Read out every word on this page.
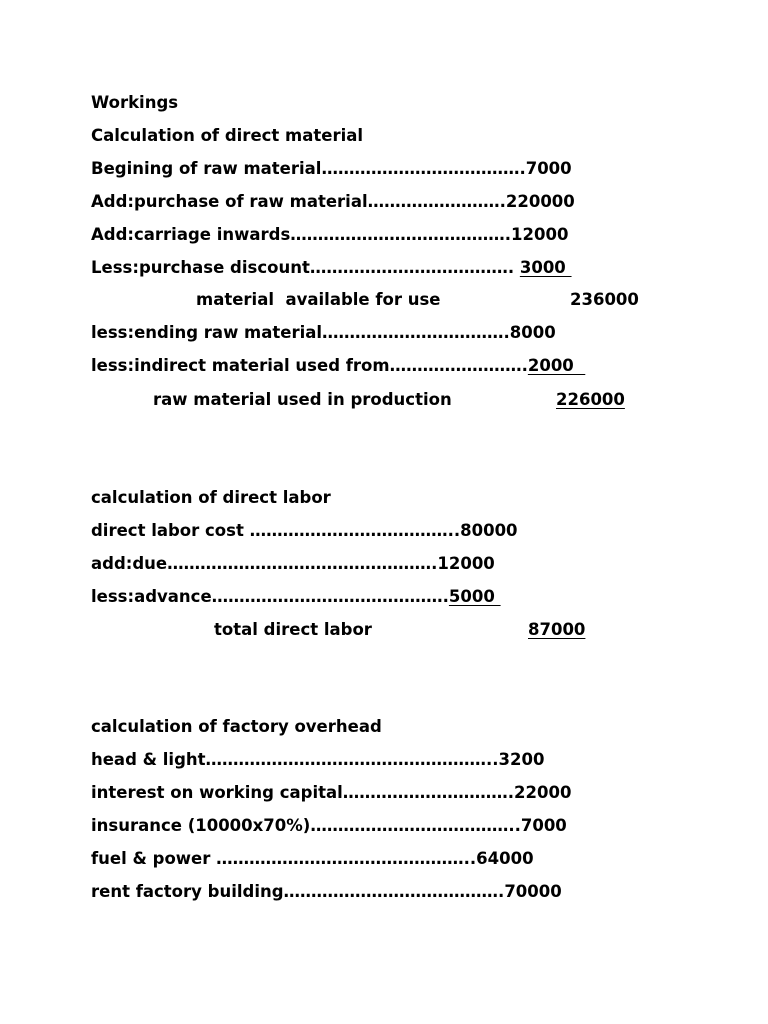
Workings
Calculation of direct material
Begining of raw material……………………………….7000
Add:purchase of raw material…………………….220000
Add:carriage inwards………………………………….12000
Less:purchase discount………………………………. 3000
material  available for use	236000
less:ending raw material…………………………….8000
less:indirect material used from…………………….2000
raw material used in production	226000
calculation of direct labor
direct labor cost ………………………………..80000
add:due………………………………………….12000
less:advance…………………………………….5000
total direct labor	87000
calculation of factory overhead
head & light……………………………………………..3200
interest on working capital………………………….22000
insurance (10000x70%)………………………………..7000
fuel & power ………………………………………..64000
rent factory building………………………………….70000
